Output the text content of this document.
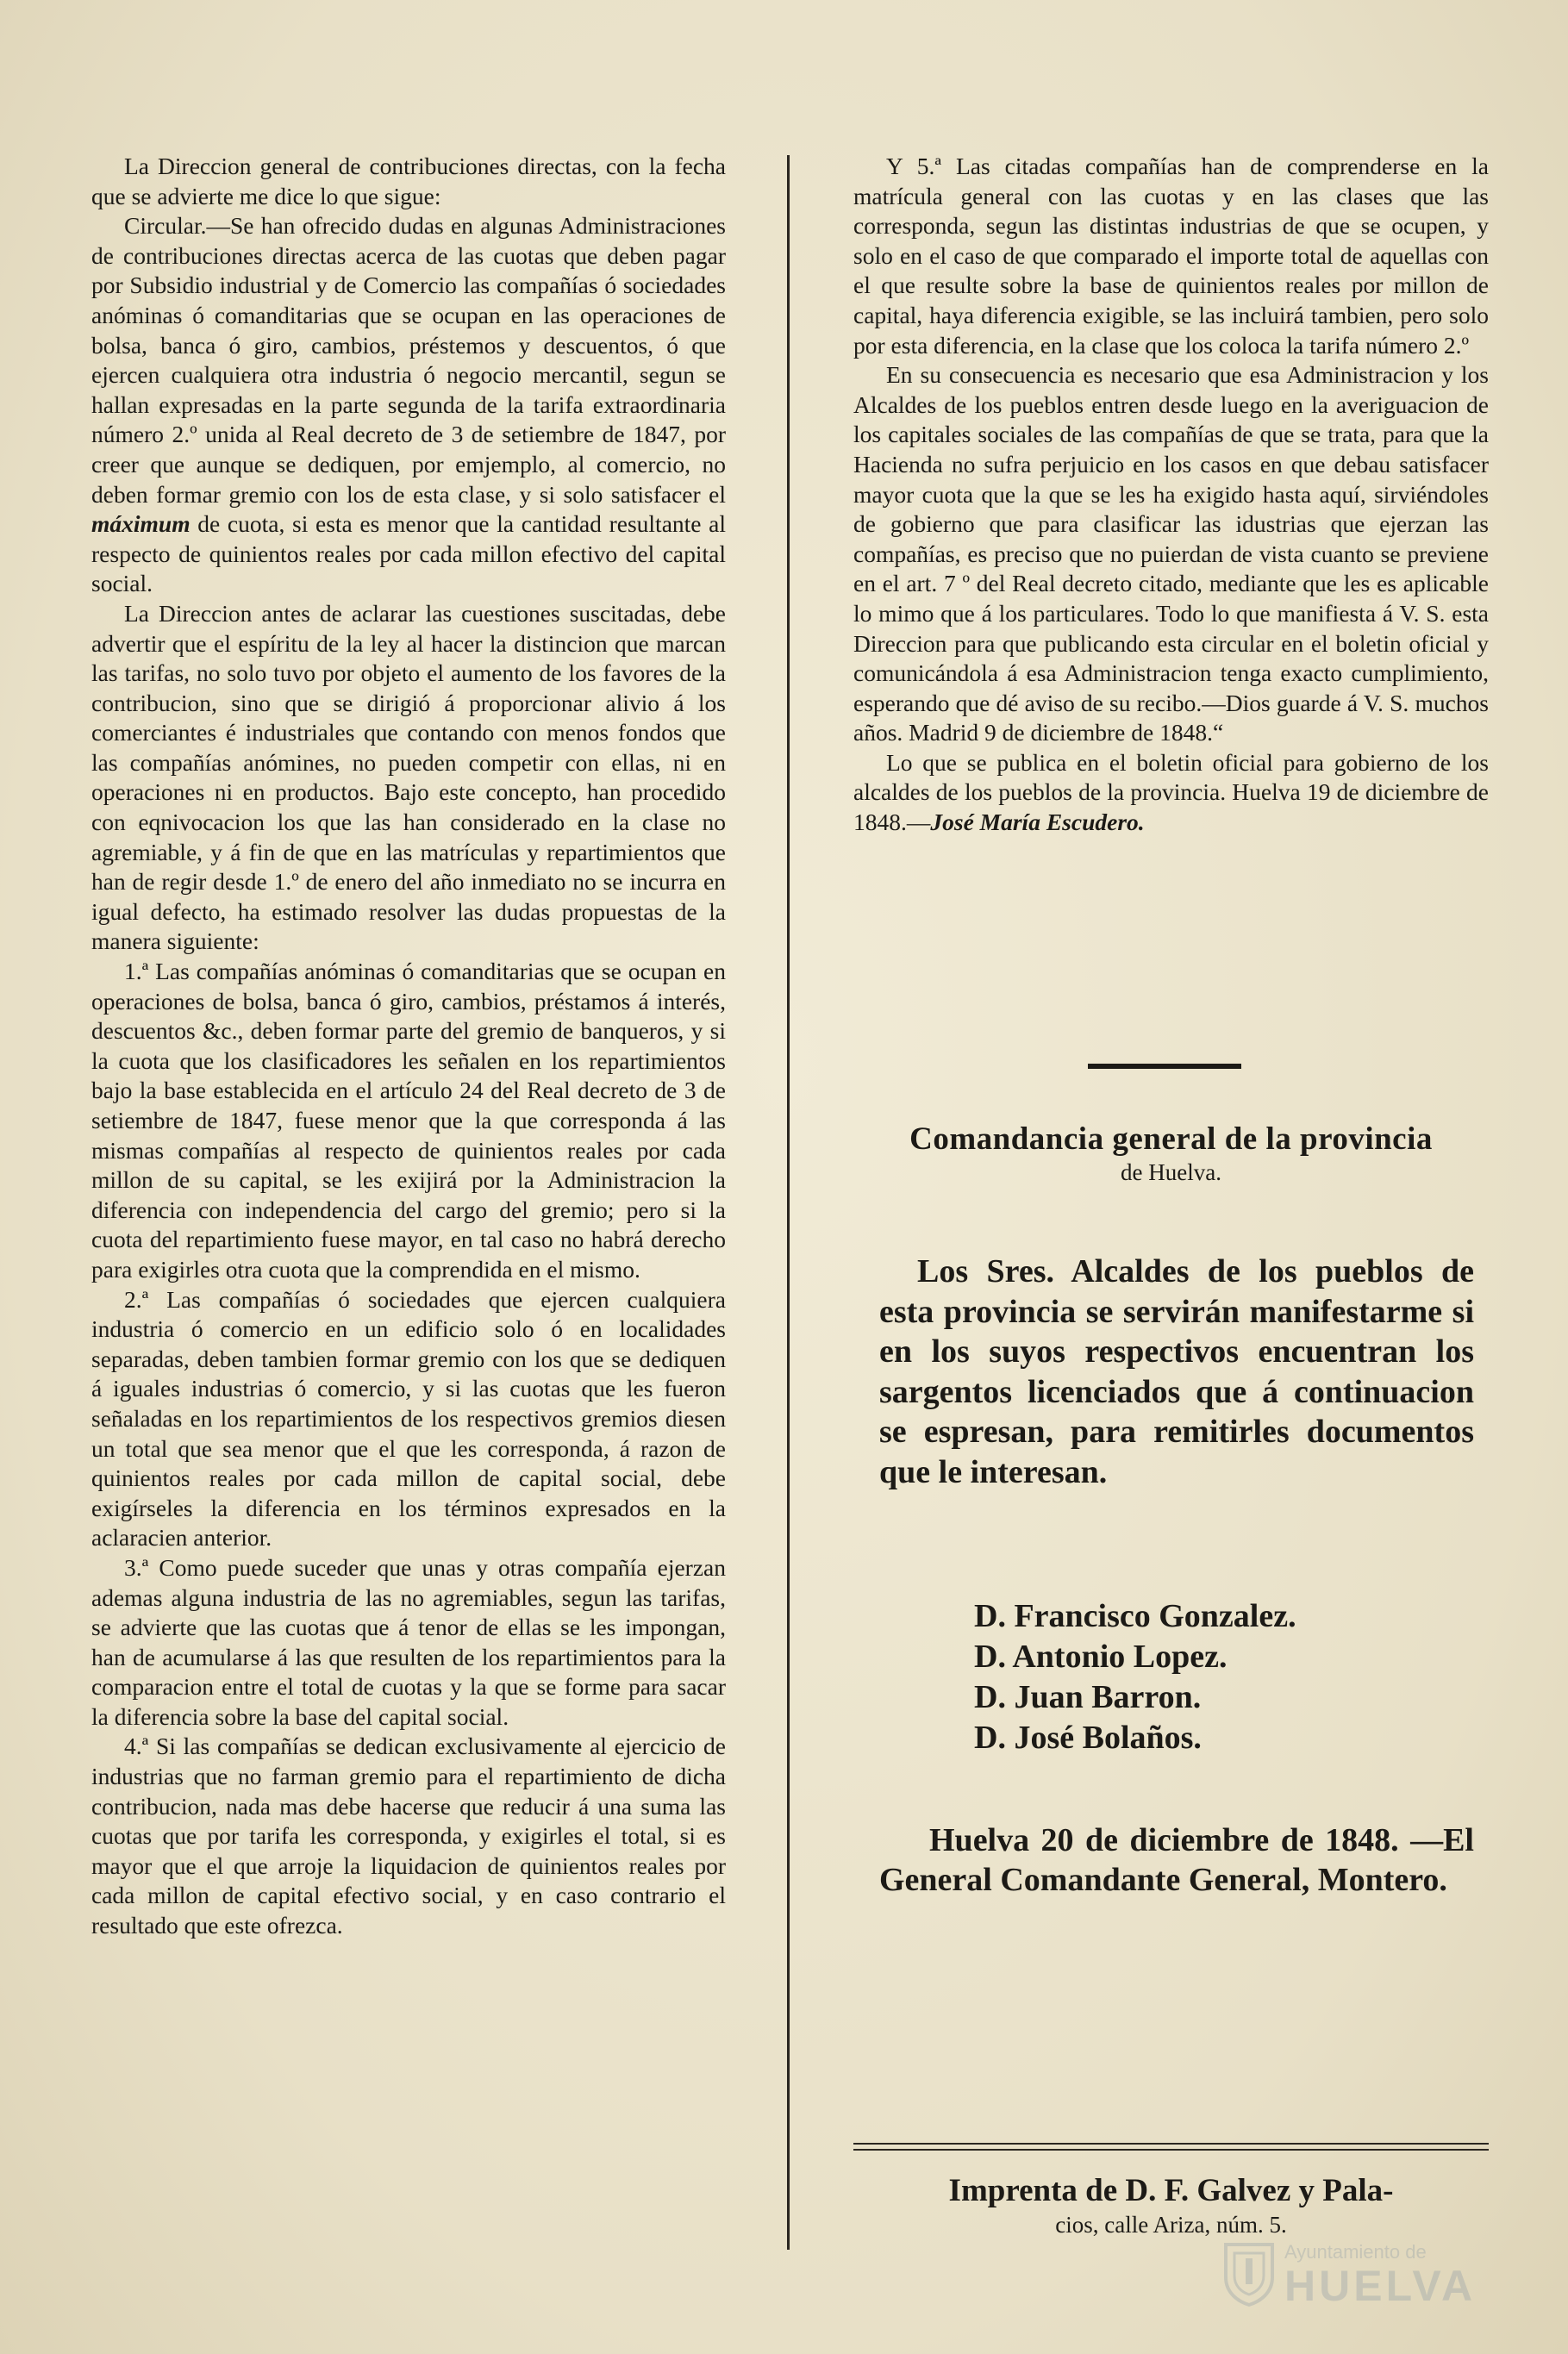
La Direccion general de contribuciones directas, con la fecha que se advierte me dice lo que sigue:

Circular.—Se han ofrecido dudas en algunas Administraciones de contribuciones directas acerca de las cuotas que deben pagar por Subsidio industrial y de Comercio las compañías ó sociedades anóminas ó comanditarias que se ocupan en las operaciones de bolsa, banca ó giro, cambios, préstemos y descuentos, ó que ejercen cualquiera otra industria ó negocio mercantil, segun se hallan expresadas en la parte segunda de la tarifa extraordinaria número 2.º unida al Real decreto de 3 de setiembre de 1847, por creer que aunque se dediquen, por emjemplo, al comercio, no deben formar gremio con los de esta clase, y si solo satisfacer el máximum de cuota, si esta es menor que la cantidad resultante al respecto de quinientos reales por cada millon efectivo del capital social.

La Direccion antes de aclarar las cuestiones suscitadas, debe advertir que el espíritu de la ley al hacer la distincion que marcan las tarifas, no solo tuvo por objeto el aumento de los favores de la contribucion, sino que se dirigió á proporcionar alivio á los comerciantes é industriales que contando con menos fondos que las compañías anómines, no pueden competir con ellas, ni en operaciones ni en productos. Bajo este concepto, han procedido con eqnivocacion los que las han considerado en la clase no agremiable, y á fin de que en las matrículas y repartimientos que han de regir desde 1.º de enero del año inmediato no se incurra en igual defecto, ha estimado resolver las dudas propuestas de la manera siguiente:

1.ª Las compañías anóminas ó comanditarias que se ocupan en operaciones de bolsa, banca ó giro, cambios, préstamos á interés, descuentos &c., deben formar parte del gremio de banqueros, y si la cuota que los clasificadores les señalen en los repartimientos bajo la base establecida en el artículo 24 del Real decreto de 3 de setiembre de 1847, fuese menor que la que corresponda á las mismas compañías al respecto de quinientos reales por cada millon de su capital, se les exijirá por la Administracion la diferencia con independencia del cargo del gremio; pero si la cuota del repartimiento fuese mayor, en tal caso no habrá derecho para exigirles otra cuota que la comprendida en el mismo.

2.ª Las compañías ó sociedades que ejercen cualquiera industria ó comercio en un edificio solo ó en localidades separadas, deben tambien formar gremio con los que se dediquen á iguales industrias ó comercio, y si las cuotas que les fueron señaladas en los repartimientos de los respectivos gremios diesen un total que sea menor que el que les corresponda, á razon de quinientos reales por cada millon de capital social, debe exigírseles la diferencia en los términos expresados en la aclaracien anterior.

3.ª Como puede suceder que unas y otras compañía ejerzan ademas alguna industria de las no agremiables, segun las tarifas, se advierte que las cuotas que á tenor de ellas se les impongan, han de acumularse á las que resulten de los repartimientos para la comparacion entre el total de cuotas y la que se forme para sacar la diferencia sobre la base del capital social.

4.ª Si las compañías se dedican exclusivamente al ejercicio de industrias que no farman gremio para el repartimiento de dicha contribucion, nada mas debe hacerse que reducir á una suma las cuotas que por tarifa les corresponda, y exigirles el total, si es mayor que el que arroje la liquidacion de quinientos reales por cada millon de capital efectivo social, y en caso contrario el resultado que este ofrezca.

Y 5.ª Las citadas compañías han de comprenderse en la matrícula general con las cuotas y en las clases que las corresponda, segun las distintas industrias de que se ocupen, y solo en el caso de que comparado el importe total de aquellas con el que resulte sobre la base de quinientos reales por millon de capital, haya diferencia exigible, se las incluirá tambien, pero solo por esta diferencia, en la clase que los coloca la tarifa número 2.º

En su consecuencia es necesario que esa Administracion y los Alcaldes de los pueblos entren desde luego en la averiguacion de los capitales sociales de las compañías de que se trata, para que la Hacienda no sufra perjuicio en los casos en que debau satisfacer mayor cuota que la que se les ha exigido hasta aquí, sirviéndoles de gobierno que para clasificar las idustrias que ejerzan las compañías, es preciso que no puierdan de vista cuanto se previene en el art. 7 º del Real decreto citado, mediante que les es aplicable lo mimo que á los particulares. Todo lo que manifiesta á V. S. esta Direccion para que publicando esta circular en el boletin oficial y comunicándola á esa Administracion tenga exacto cumplimiento, esperando que dé aviso de su recibo.—Dios guarde á V. S. muchos años. Madrid 9 de diciembre de 1848.“

Lo que se publica en el boletin oficial para gobierno de los alcaldes de los pueblos de la provincia. Huelva 19 de diciembre de 1848.—José María Escudero.

Comandancia general de la provincia
de Huelva.

Los Sres. Alcaldes de los pueblos de esta provincia se servirán manifestarme si en los suyos respectivos encuentran los sargentos licenciados que á continuacion se espresan, para remitirles documentos que le interesan.

D. Francisco Gonzalez.
D. Antonio Lopez.
D. Juan Barron.
D. José Bolaños.

Huelva 20 de diciembre de 1848. —El General Comandante General, Montero.

Imprenta de D. F. Galvez y Pala-
cios, calle Ariza, núm. 5.
Ayuntamiento de
HUELVA
